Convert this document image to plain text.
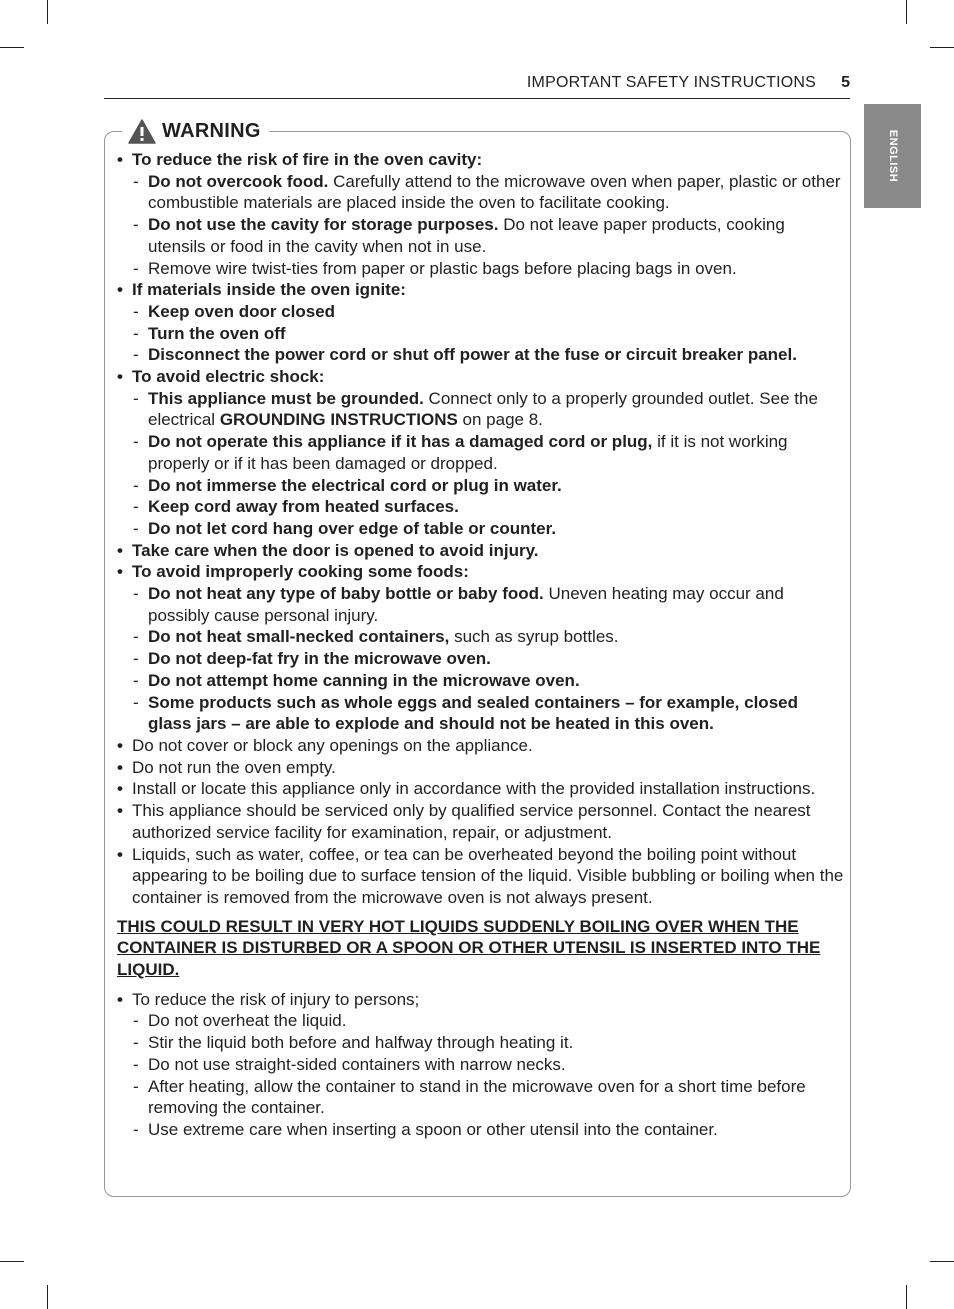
IMPORTANT SAFETY INSTRUCTIONS 5
ENGLISH
WARNING
• To reduce the risk of fire in the oven cavity:
- Do not overcook food. Carefully attend to the microwave oven when paper, plastic or other combustible materials are placed inside the oven to facilitate cooking.
- Do not use the cavity for storage purposes. Do not leave paper products, cooking utensils or food in the cavity when not in use.
- Remove wire twist-ties from paper or plastic bags before placing bags in oven.
• If materials inside the oven ignite:
- Keep oven door closed
- Turn the oven off
- Disconnect the power cord or shut off power at the fuse or circuit breaker panel.
• To avoid electric shock:
- This appliance must be grounded. Connect only to a properly grounded outlet. See the electrical GROUNDING INSTRUCTIONS on page 8.
- Do not operate this appliance if it has a damaged cord or plug, if it is not working properly or if it has been damaged or dropped.
- Do not immerse the electrical cord or plug in water.
- Keep cord away from heated surfaces.
- Do not let cord hang over edge of table or counter.
• Take care when the door is opened to avoid injury.
• To avoid improperly cooking some foods:
- Do not heat any type of baby bottle or baby food. Uneven heating may occur and possibly cause personal injury.
- Do not heat small-necked containers, such as syrup bottles.
- Do not deep-fat fry in the microwave oven.
- Do not attempt home canning in the microwave oven.
- Some products such as whole eggs and sealed containers – for example, closed glass jars – are able to explode and should not be heated in this oven.
• Do not cover or block any openings on the appliance.
• Do not run the oven empty.
• Install or locate this appliance only in accordance with the provided installation instructions.
• This appliance should be serviced only by qualified service personnel. Contact the nearest authorized service facility for examination, repair, or adjustment.
• Liquids, such as water, coffee, or tea can be overheated beyond the boiling point without appearing to be boiling due to surface tension of the liquid. Visible bubbling or boiling when the container is removed from the microwave oven is not always present.
THIS COULD RESULT IN VERY HOT LIQUIDS SUDDENLY BOILING OVER WHEN THE CONTAINER IS DISTURBED OR A SPOON OR OTHER UTENSIL IS INSERTED INTO THE LIQUID.
• To reduce the risk of injury to persons;
- Do not overheat the liquid.
- Stir the liquid both before and halfway through heating it.
- Do not use straight-sided containers with narrow necks.
- After heating, allow the container to stand in the microwave oven for a short time before removing the container.
- Use extreme care when inserting a spoon or other utensil into the container.
